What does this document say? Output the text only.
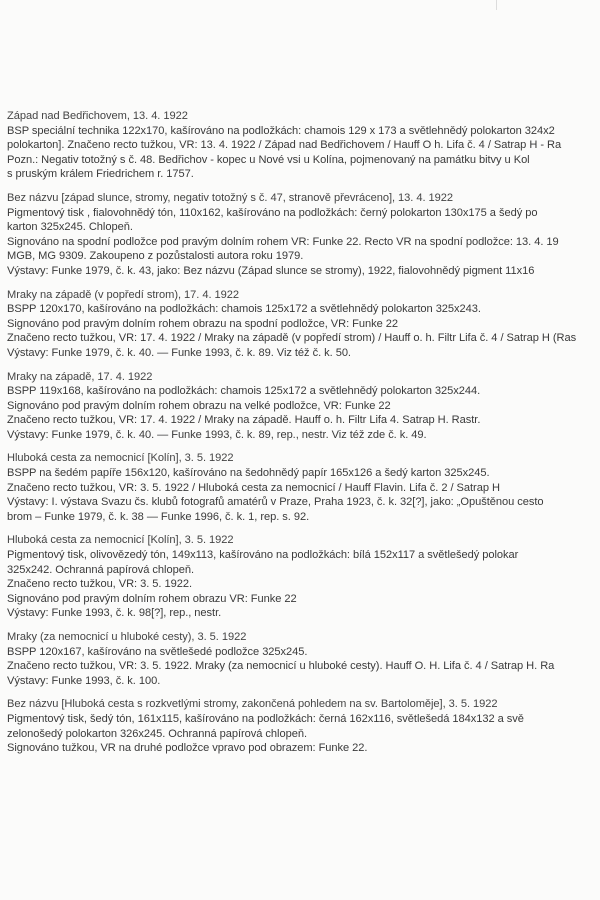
Západ nad Bedřichovem, 13. 4. 1922
BSP speciální technika 122x170, kašírováno na podložkách: chamois 129 x 173 a světlehnědý polokarton 324x2
polokarton]. Značeno recto tužkou, VR: 13. 4. 1922 / Západ nad Bedřichovem / Hauff O h. Lifa č. 4 / Satrap H - Ra
Pozn.: Negativ totožný s č. 48. Bedřichov - kopec u Nové vsi u Kolína, pojmenovaný na památku bitvy u Kol
s pruským králem Friedrichem r. 1757.
Bez názvu [západ slunce, stromy, negativ totožný s č. 47, stranově převráceno], 13. 4. 1922
Pigmentový tisk , fialovohnědý tón, 110x162, kašírováno na podložkách: černý polokarton 130x175 a šedý po
karton 325x245. Chlopeň.
Signováno na spodní podložce pod pravým dolním rohem VR: Funke 22. Recto VR na spodní podložce: 13. 4. 19
MGB, MG 9309. Zakoupeno z pozůstalosti autora roku 1979.
Výstavy: Funke 1979, č. k. 43, jako: Bez názvu (Západ slunce se stromy), 1922, fialovohnědý pigment 11x16
Mraky na západě (v popředí strom), 17. 4. 1922
BSPP 120x170, kašírováno na podložkách: chamois 125x172 a světlehnědý polokarton 325x243.
Signováno pod pravým dolním rohem obrazu na spodní podložce, VR: Funke 22
Značeno recto tužkou, VR: 17. 4. 1922 / Mraky na západě (v popředí strom) / Hauff o. h. Filtr Lifa č. 4 / Satrap H (Ras
Výstavy: Funke 1979, č. k. 40. — Funke 1993, č. k. 89. Viz též č. k. 50.
Mraky na západě, 17. 4. 1922
BSPP 119x168, kašírováno na podložkách: chamois 125x172 a světlehnědý polokarton 325x244.
Signováno pod pravým dolním rohem obrazu na velké podložce, VR: Funke 22
Značeno recto tužkou, VR: 17. 4. 1922 / Mraky na západě. Hauff o. h. Filtr Lifa 4. Satrap H. Rastr.
Výstavy: Funke 1979, č. k. 40. — Funke 1993, č. k. 89, rep., nestr. Viz též zde č. k. 49.
Hluboká cesta za nemocnicí [Kolín], 3. 5. 1922
BSPP na šedém papíře 156x120, kašírováno na šedohnědý papír 165x126 a šedý karton 325x245.
Značeno recto tužkou, VR: 3. 5. 1922 / Hluboká cesta za nemocnicí / Hauff Flavin. Lifa č. 2 / Satrap H
Výstavy: I. výstava Svazu čs. klubů fotografů amatérů v Praze, Praha 1923, č. k. 32[?], jako: „Opuštěnou cesto
brom – Funke 1979, č. k. 38 — Funke 1996, č. k. 1, rep. s. 92.
Hluboká cesta za nemocnicí [Kolín], 3. 5. 1922
Pigmentový tisk, olivovězedý tón, 149x113, kašírováno na podložkách: bílá 152x117 a světlešedý polokar
325x242. Ochranná papírová chlopeň.
Značeno recto tužkou, VR: 3. 5. 1922.
Signováno pod pravým dolním rohem obrazu VR: Funke 22
Výstavy: Funke 1993, č. k. 98[?], rep., nestr.
Mraky (za nemocnicí u hluboké cesty), 3. 5. 1922
BSPP 120x167, kašírováno na světlešedé podložce 325x245.
Značeno recto tužkou, VR: 3. 5. 1922. Mraky (za nemocnicí u hluboké cesty). Hauff O. H. Lifa č. 4 / Satrap H. Ra
Výstavy: Funke 1993, č. k. 100.
Bez názvu [Hluboká cesta s rozkvetlými stromy, zakončená pohledem na sv. Bartoloměje], 3. 5. 1922
Pigmentový tisk, šedý tón, 161x115, kašírováno na podložkách: černá 162x116, světlešedá 184x132 a svě
zelonošedý polokarton 326x245. Ochranná papírová chlopeň.
Signováno tužkou, VR na druhé podložce vpravo pod obrazem: Funke 22.
